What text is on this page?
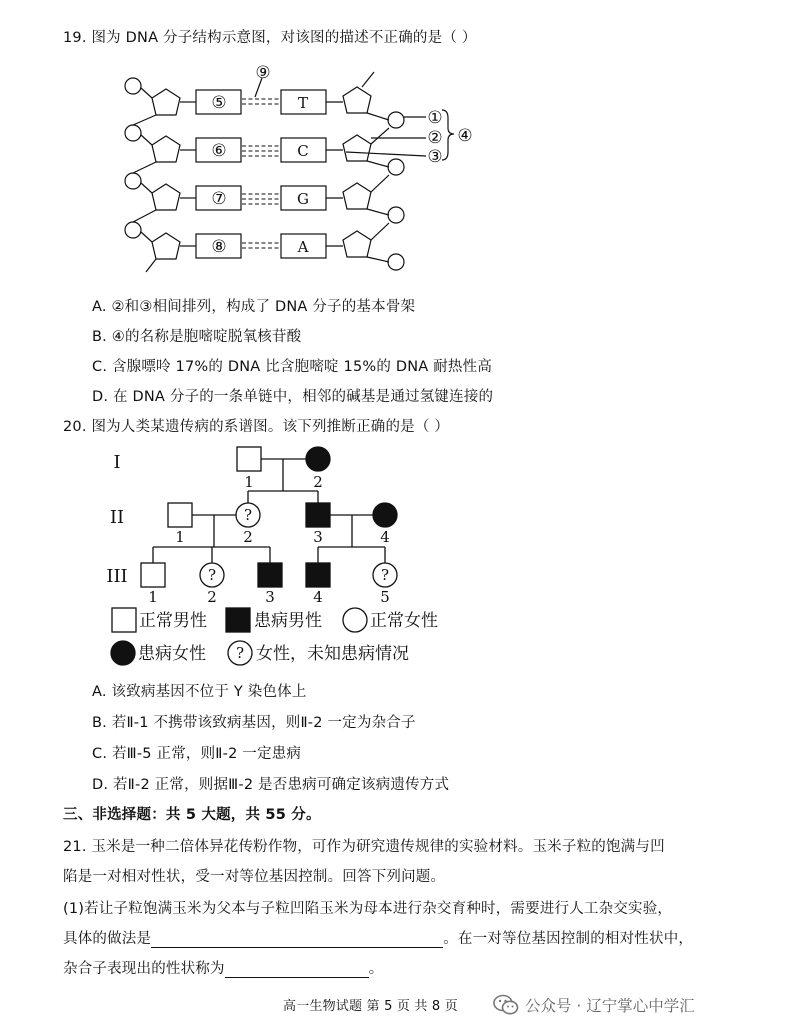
19. 图为 DNA 分子结构示意图，对该图的描述不正确的是（ ）
⑤
⑥
⑦
⑧
T
C
G
A
⑨
①
②
③
④
A. ②和③相间排列，构成了 DNA 分子的基本骨架
B. ④的名称是胞嘧啶脱氧核苷酸
C. 含腺嘌呤 17%的 DNA 比含胞嘧啶 15%的 DNA 耐热性高
D. 在 DNA 分子的一条单链中，相邻的碱基是通过氢键连接的
20. 图为人类某遗传病的系谱图。该下列推断正确的是（ ）
?
?	?
?
I
II
III
1	2
1	2	3	4
1	2	3	4	5
正常男性	患病男性	正常女性
患病女性	女性，未知患病情况
A. 该致病基因不位于 Y 染色体上
B. 若Ⅱ-1 不携带该致病基因，则Ⅱ-2 一定为杂合子
C. 若Ⅲ-5 正常，则Ⅱ-2 一定患病
D. 若Ⅱ-2 正常，则据Ⅲ-2 是否患病可确定该病遗传方式
三、非选择题：共 5 大题，共 55 分。
21. 玉米是一种二倍体异花传粉作物，可作为研究遗传规律的实验材料。玉米子粒的饱满与凹
陷是一对相对性状，受一对等位基因控制。回答下列问题。
(1)若让子粒饱满玉米为父本与子粒凹陷玉米为母本进行杂交育种时，需要进行人工杂交实验，
具体的做法是	。在一对等位基因控制的相对性状中，
杂合子表现出的性状称为	。
高一生物试题 第 5 页 共 8 页	公众号 · 辽宁掌心中学汇
